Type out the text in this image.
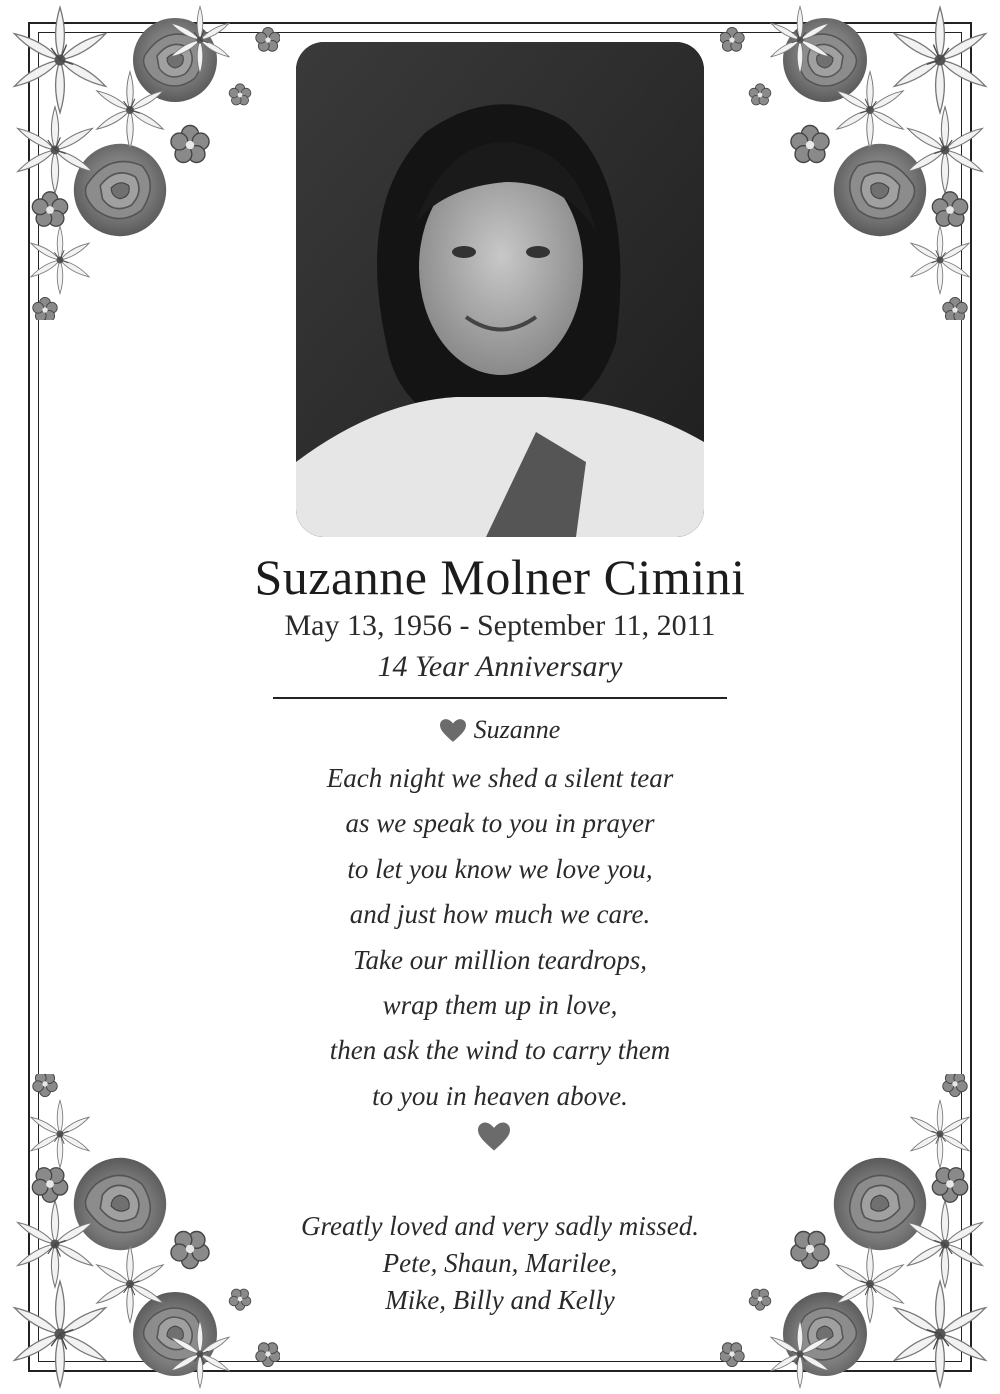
Suzanne Molner Cimini
May 13, 1956 - September 11, 2011
14 Year Anniversary
Suzanne
Each night we shed a silent tear
as we speak to you in prayer
to let you know we love you,
and just how much we care.
Take our million teardrops,
wrap them up in love,
then ask the wind to carry them
to you in heaven above.
Greatly loved and very sadly missed.
Pete, Shaun, Marilee,
Mike, Billy and Kelly
